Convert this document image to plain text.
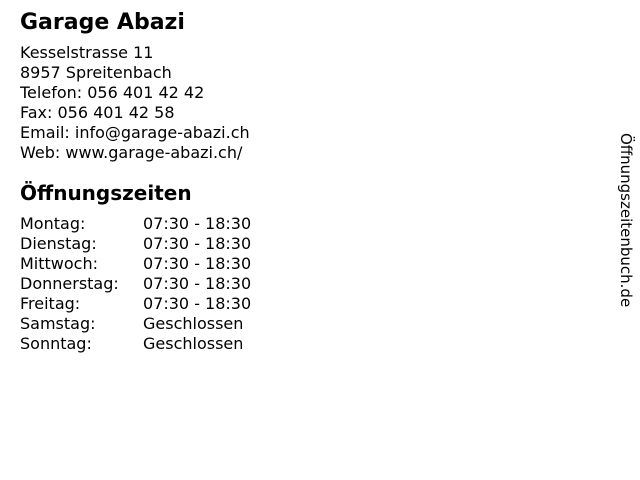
Garage Abazi
Kesselstrasse 11
8957 Spreitenbach
Telefon: 056 401 42 42
Fax: 056 401 42 58
Email: info@garage-abazi.ch
Web: www.garage-abazi.ch/
Öffnungszeiten
Montag:	07:30 - 18:30
Dienstag:	07:30 - 18:30
Mittwoch:	07:30 - 18:30
Donnerstag:	07:30 - 18:30
Freitag:	07:30 - 18:30
Samstag:	Geschlossen
Sonntag:	Geschlossen
Öffnungszeitenbuch.de
